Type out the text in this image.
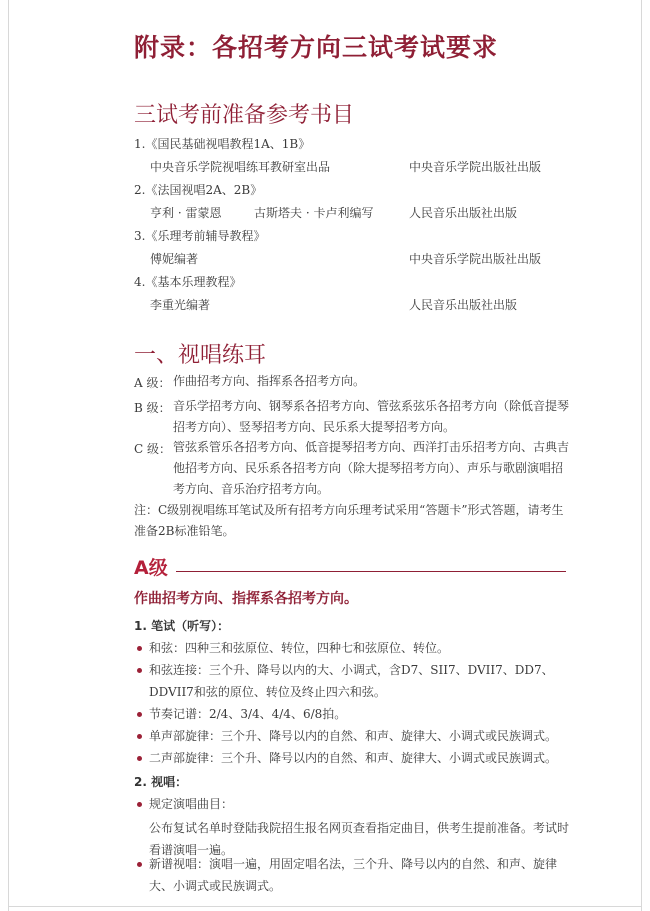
附录：各招考方向三试考试要求
三试考前准备参考书目
1.《国民基础视唱教程1A、1B》
中央音乐学院视唱练耳教研室出品	中央音乐学院出版社出版
2.《法国视唱2A、2B》
亨利 · 雷蒙恩	古斯塔夫 · 卡卢利编写	人民音乐出版社出版
3.《乐理考前辅导教程》
傅妮编著	中央音乐学院出版社出版
4.《基本乐理教程》
李重光编著	人民音乐出版社出版
一、视唱练耳
A 级： 作曲招考方向、指挥系各招考方向。
B 级： 音乐学招考方向、钢琴系各招考方向、管弦系弦乐各招考方向（除低音提琴招考方向）、竖琴招考方向、民乐系大提琴招考方向。
C 级： 管弦系管乐各招考方向、低音提琴招考方向、西洋打击乐招考方向、古典吉他招考方向、民乐系各招考方向（除大提琴招考方向）、声乐与歌剧演唱招考方向、音乐治疗招考方向。
注：C级别视唱练耳笔试及所有招考方向乐理考试采用“答题卡”形式答题，请考生准备2B标准铅笔。
A级
作曲招考方向、指挥系各招考方向。
1. 笔试（听写）：
和弦：四种三和弦原位、转位，四种七和弦原位、转位。
和弦连接：三个升、降号以内的大、小调式，含D7、SII7、DVII7、DD7、DDVII7和弦的原位、转位及终止四六和弦。
节奏记谱：2/4、3/4、4/4、6/8拍。
单声部旋律：三个升、降号以内的自然、和声、旋律大、小调式或民族调式。
二声部旋律：三个升、降号以内的自然、和声、旋律大、小调式或民族调式。
2. 视唱：
规定演唱曲目：
公布复试名单时登陆我院招生报名网页查看指定曲目，供考生提前准备。考试时看谱演唱一遍。
新谱视唱：演唱一遍，用固定唱名法，三个升、降号以内的自然、和声、旋律大、小调式或民族调式。
